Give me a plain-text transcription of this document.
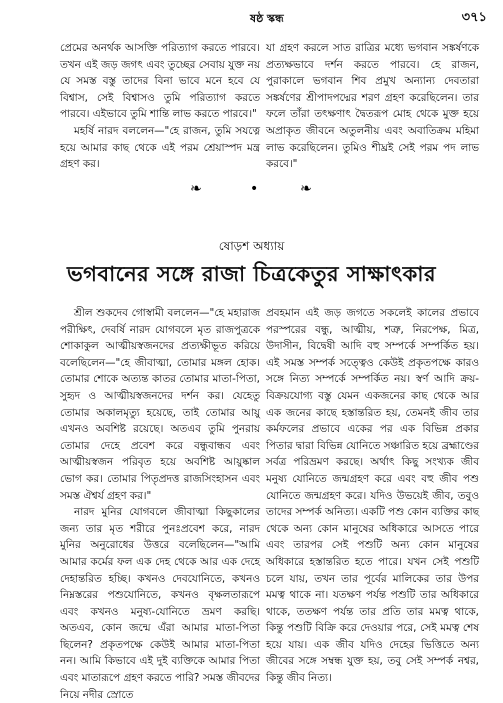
ষষ্ঠ স্কন্ধ	৩৭১

প্রেমের অনর্থক আসক্তি পরিত্যাগ করতে পারবে। তখন এই জড় জগৎ এবং তুচ্ছের সেবায় যুক্ত নয় যে সমস্ত বস্তু তাদের বিনা ভাবে মনে হবে যে বিশ্বাস, সেই বিশ্বাসও তুমি পরিত্যাগ করতে পারবে। এইভাবে তুমি শান্তি লাভ করতে পারবে।"

মহর্ষি নারদ বললেন—"হে রাজন, তুমি সযত্নে হয়ে আমার কাছ থেকে এই পরম শ্রেয়াস্পদ মন্ত্র গ্রহণ কর।

যা গ্রহণ করলে সাত রাত্রির মধ্যে ভগবান সঙ্কর্ষণকে প্রত্যক্ষভাবে দর্শন করতে পারবে। হে রাজন, পুরাকালে ভগবান শিব প্রমুখ অন্যান্য দেবতারা সঙ্কর্ষণের শ্রীপাদপদ্মের শরণ গ্রহণ করেছিলেন। তার ফলে তাঁরা তৎক্ষণাৎ দ্বৈতরূপ মোহ থেকে মুক্ত হয়ে অপ্রাকৃত জীবনে অতুলনীয় এবং অবাতিক্রম মহিমা লাভ করেছিলেন। তুমিও শীঘ্রই সেই পরম পদ লাভ করবে।"

❧	•	❧
ষোড়শ অধ্যায়
ভগবানের সঙ্গে রাজা চিত্রকেতুর সাক্ষাৎকার

শ্রীল শুকদেব গোস্বামী বললেন—"হে মহারাজ পরীক্ষিৎ, দেবর্ষি নারদ যোগবলে মৃত রাজপুত্রকে শোকাকুল আত্মীয়স্বজনদের প্রত্যক্ষীভূত করিয়ে বলেছিলেন—"হে জীবাত্মা, তোমার মঙ্গল হোক। তোমার শোকে অত্যন্ত কাতর তোমার মাতা-পিতা, সুহৃদ ও আত্মীয়স্বজনদের দর্শন কর। যেহেতু তোমার অকালমৃত্যু হয়েছে, তাই তোমার আয়ু এখনও অবশিষ্ট রয়েছে। অতএব তুমি পুনরায় তোমার দেহে প্রবেশ করে বন্ধুবান্ধব এবং আত্মীয়স্বজন পরিবৃত হয়ে অবশিষ্ট আয়ুষ্কাল ভোগ কর। তোমার পিতৃপ্রদত্ত রাজসিংহাসন এবং সমস্ত ঐশ্বর্য গ্রহণ কর।"

নারদ মুনির যোগবলে জীবাত্মা কিছুকালের জন্য তার মৃত শরীরে পুনঃপ্রবেশ করে, নারদ মুনির অনুরোধের উত্তরে বলেছিলেন—"আমি আমার কর্মের ফল এক দেহ থেকে আর এক দেহে দেহান্তরিত হচ্ছি। কখনও দেবযোনিতে, কখনও নিম্নস্তরের পশুযোনিতে, কখনও বৃক্ষলতারূপে এবং কখনও মনুষ্য-যোনিতে ভ্রমণ করছি। অতএব, কোন জন্মে এঁরা আমার মাতা-পিতা ছিলেন? প্রকৃতপক্ষে কেউই আমার মাতা-পিতা নন। আমি কিভাবে এই দুই ব্যক্তিকে আমার পিতা এবং মাতারূপে গ্রহণ করতে পারি? সমস্ত জীবদের নিয়ে নদীর স্রোতে

প্রবহমান এই জড় জগতে সকলেই কালের প্রভাবে পরস্পরের বন্ধু, আত্মীয়, শত্রু, নিরপেক্ষ, মিত্র, উদাসীন, বিদ্বেষী আদি বহু সম্পর্কে সম্পর্কিত হয়। এই সমস্ত সম্পর্ক সত্ত্বেও কেউই প্রকৃতপক্ষে কারও সঙ্গে নিত্য সম্পর্কে সম্পর্কিত নয়। স্বর্ণ আদি ক্রয়-বিক্রয়যোগ্য বস্তু যেমন একজনের কাছ থেকে আর এক জনের কাছে হস্তান্তরিত হয়, তেমনই জীব তার কর্মফলের প্রভাবে একের পর এক বিভিন্ন প্রকার পিতার দ্বারা বিভিন্ন যোনিতে সঞ্চারিত হয়ে ব্রহ্মাণ্ডের সর্বত্র পরিভ্রমণ করছে। অর্থাৎ কিছু সংখ্যক জীব মনুষ্য যোনিতে জন্মগ্রহণ করে এবং বহু জীব পশু যোনিতে জন্মগ্রহণ করে। যদিও উভয়েই জীব, তবুও তাদের সম্পর্ক অনিত্য। একটি পশু কোন ব্যক্তির কাছ থেকে অন্য কোন মানুষের অধিকারে আসতে পারে এবং তারপর সেই পশুটি অন্য কোন মানুষের অধিকারে হস্তান্তরিত হতে পারে। যখন সেই পশুটি চলে যায়, তখন তার পূর্বের মালিকের তার উপর মমত্ব থাকে না। যতক্ষণ পর্যন্ত পশুটি তার অধিকারে থাকে, ততক্ষণ পর্যন্ত তার প্রতি তার মমত্ব থাকে, কিন্তু পশুটি বিক্রি করে দেওয়ার পরে, সেই মমত্ব শেষ হয়ে যায়। এক জীব যদিও দেহের ভিত্তিতে অন্য জীবের সঙ্গে সম্বন্ধ যুক্ত হয়, তবু সেই সম্পর্ক নশ্বর, কিন্তু জীব নিত্য।
